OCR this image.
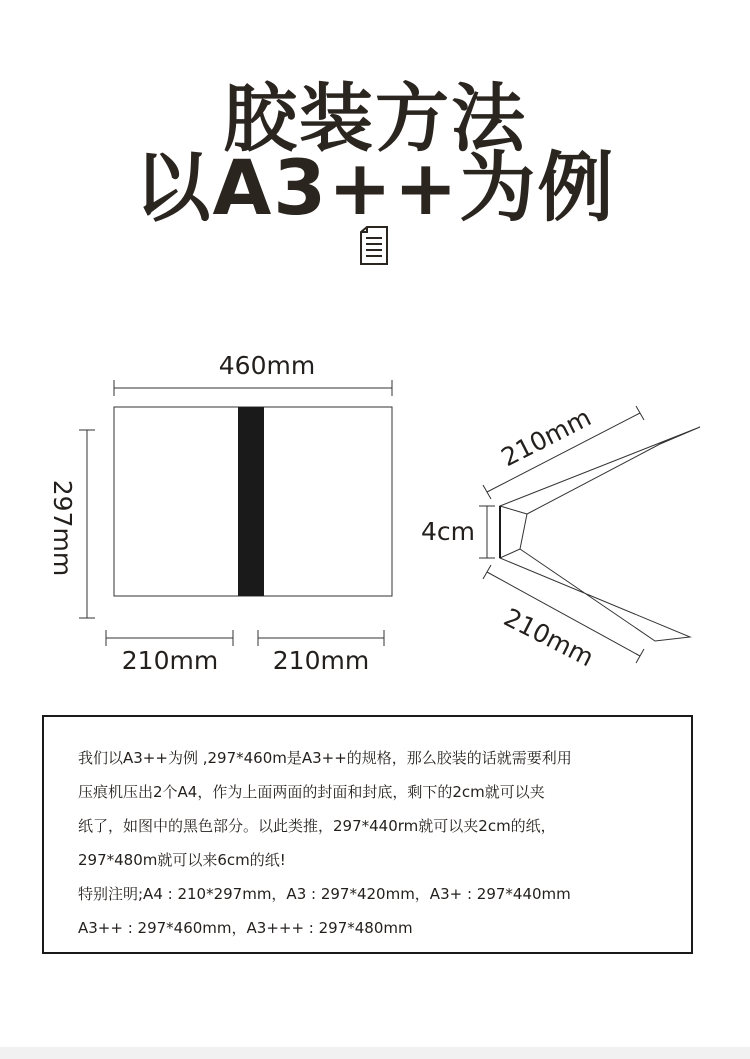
胶装方法
以A3++为例
460mm
297mm
210mm 210mm
210mm
4cm
210mm

我们以A3++为例 ,297*460m是A3++的规格，那么胶装的话就需要利用

压痕机压出2个A4，作为上面两面的封面和封底，剩下的2cm就可以夹

纸了，如图中的黑色部分。以此类推，297*440rm就可以夹2cm的纸，

297*480m就可以来6cm的纸!

特别注明;A4 : 210*297mm，A3 : 297*420mm，A3+ : 297*440mm

A3++ : 297*460mm，A3+++ : 297*480mm
